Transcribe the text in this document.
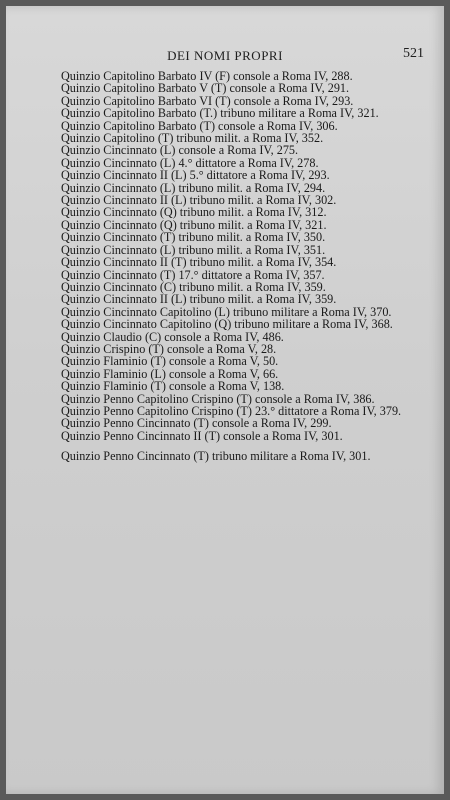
DEI NOMI PROPRI	521

Quinzio Capitolino Barbato IV (F) console a Roma IV, 288.

Quinzio Capitolino Barbato V (T) console a Roma IV, 291.

Quinzio Capitolino Barbato VI (T) console a Roma IV, 293.

Quinzio Capitolino Barbato (T.) tribuno militare a Roma IV, 321.

Quinzio Capitolino Barbato (T) console a Roma IV, 306.

Quinzio Capitolino (T) tribuno milit. a Roma IV, 352.

Quinzio Cincinnato (L) console a Roma IV, 275.

Quinzio Cincinnato (L) 4.° dittatore a Roma IV, 278.

Quinzio Cincinnato II (L) 5.° dittatore a Roma IV, 293.

Quinzio Cincinnato (L) tribuno milit. a Roma IV, 294.

Quinzio Cincinnato II (L) tribuno milit. a Roma IV, 302.

Quinzio Cincinnato (Q) tribuno milit. a Roma IV, 312.

Quinzio Cincinnato (Q) tribuno milit. a Roma IV, 321.

Quinzio Cincinnato (T) tribuno milit. a Roma IV, 350.

Quinzio Cincinnato (L) tribuno milit. a Roma IV, 351.

Quinzio Cincinnato II (T) tribuno milit. a Roma IV, 354.

Quinzio Cincinnato (T) 17.° dittatore a Roma IV, 357.

Quinzio Cincinnato (C) tribuno milit. a Roma IV, 359.

Quinzio Cincinnato II (L) tribuno milit. a Roma IV, 359.

Quinzio Cincinnato Capitolino (L) tribuno militare a Roma IV, 370.

Quinzio Cincinnato Capitolino (Q) tribuno militare a Roma IV, 368.

Quinzio Claudio (C) console a Roma IV, 486.

Quinzio Crispino (T) console a Roma V, 28.

Quinzio Flaminio (T) console a Roma V, 50.

Quinzio Flaminio (L) console a Roma V, 66.

Quinzio Flaminio (T) console a Roma V, 138.

Quinzio Penno Capitolino Crispino (T) console a Roma IV, 386.

Quinzio Penno Capitolino Crispino (T) 23.° dittatore a Roma IV, 379.

Quinzio Penno Cincinnato (T) console a Roma IV, 299.

Quinzio Penno Cincinnato II (T) console a Roma IV, 301.

Quinzio Penno Cincinnato (T) tribuno militare a Roma IV, 301.
